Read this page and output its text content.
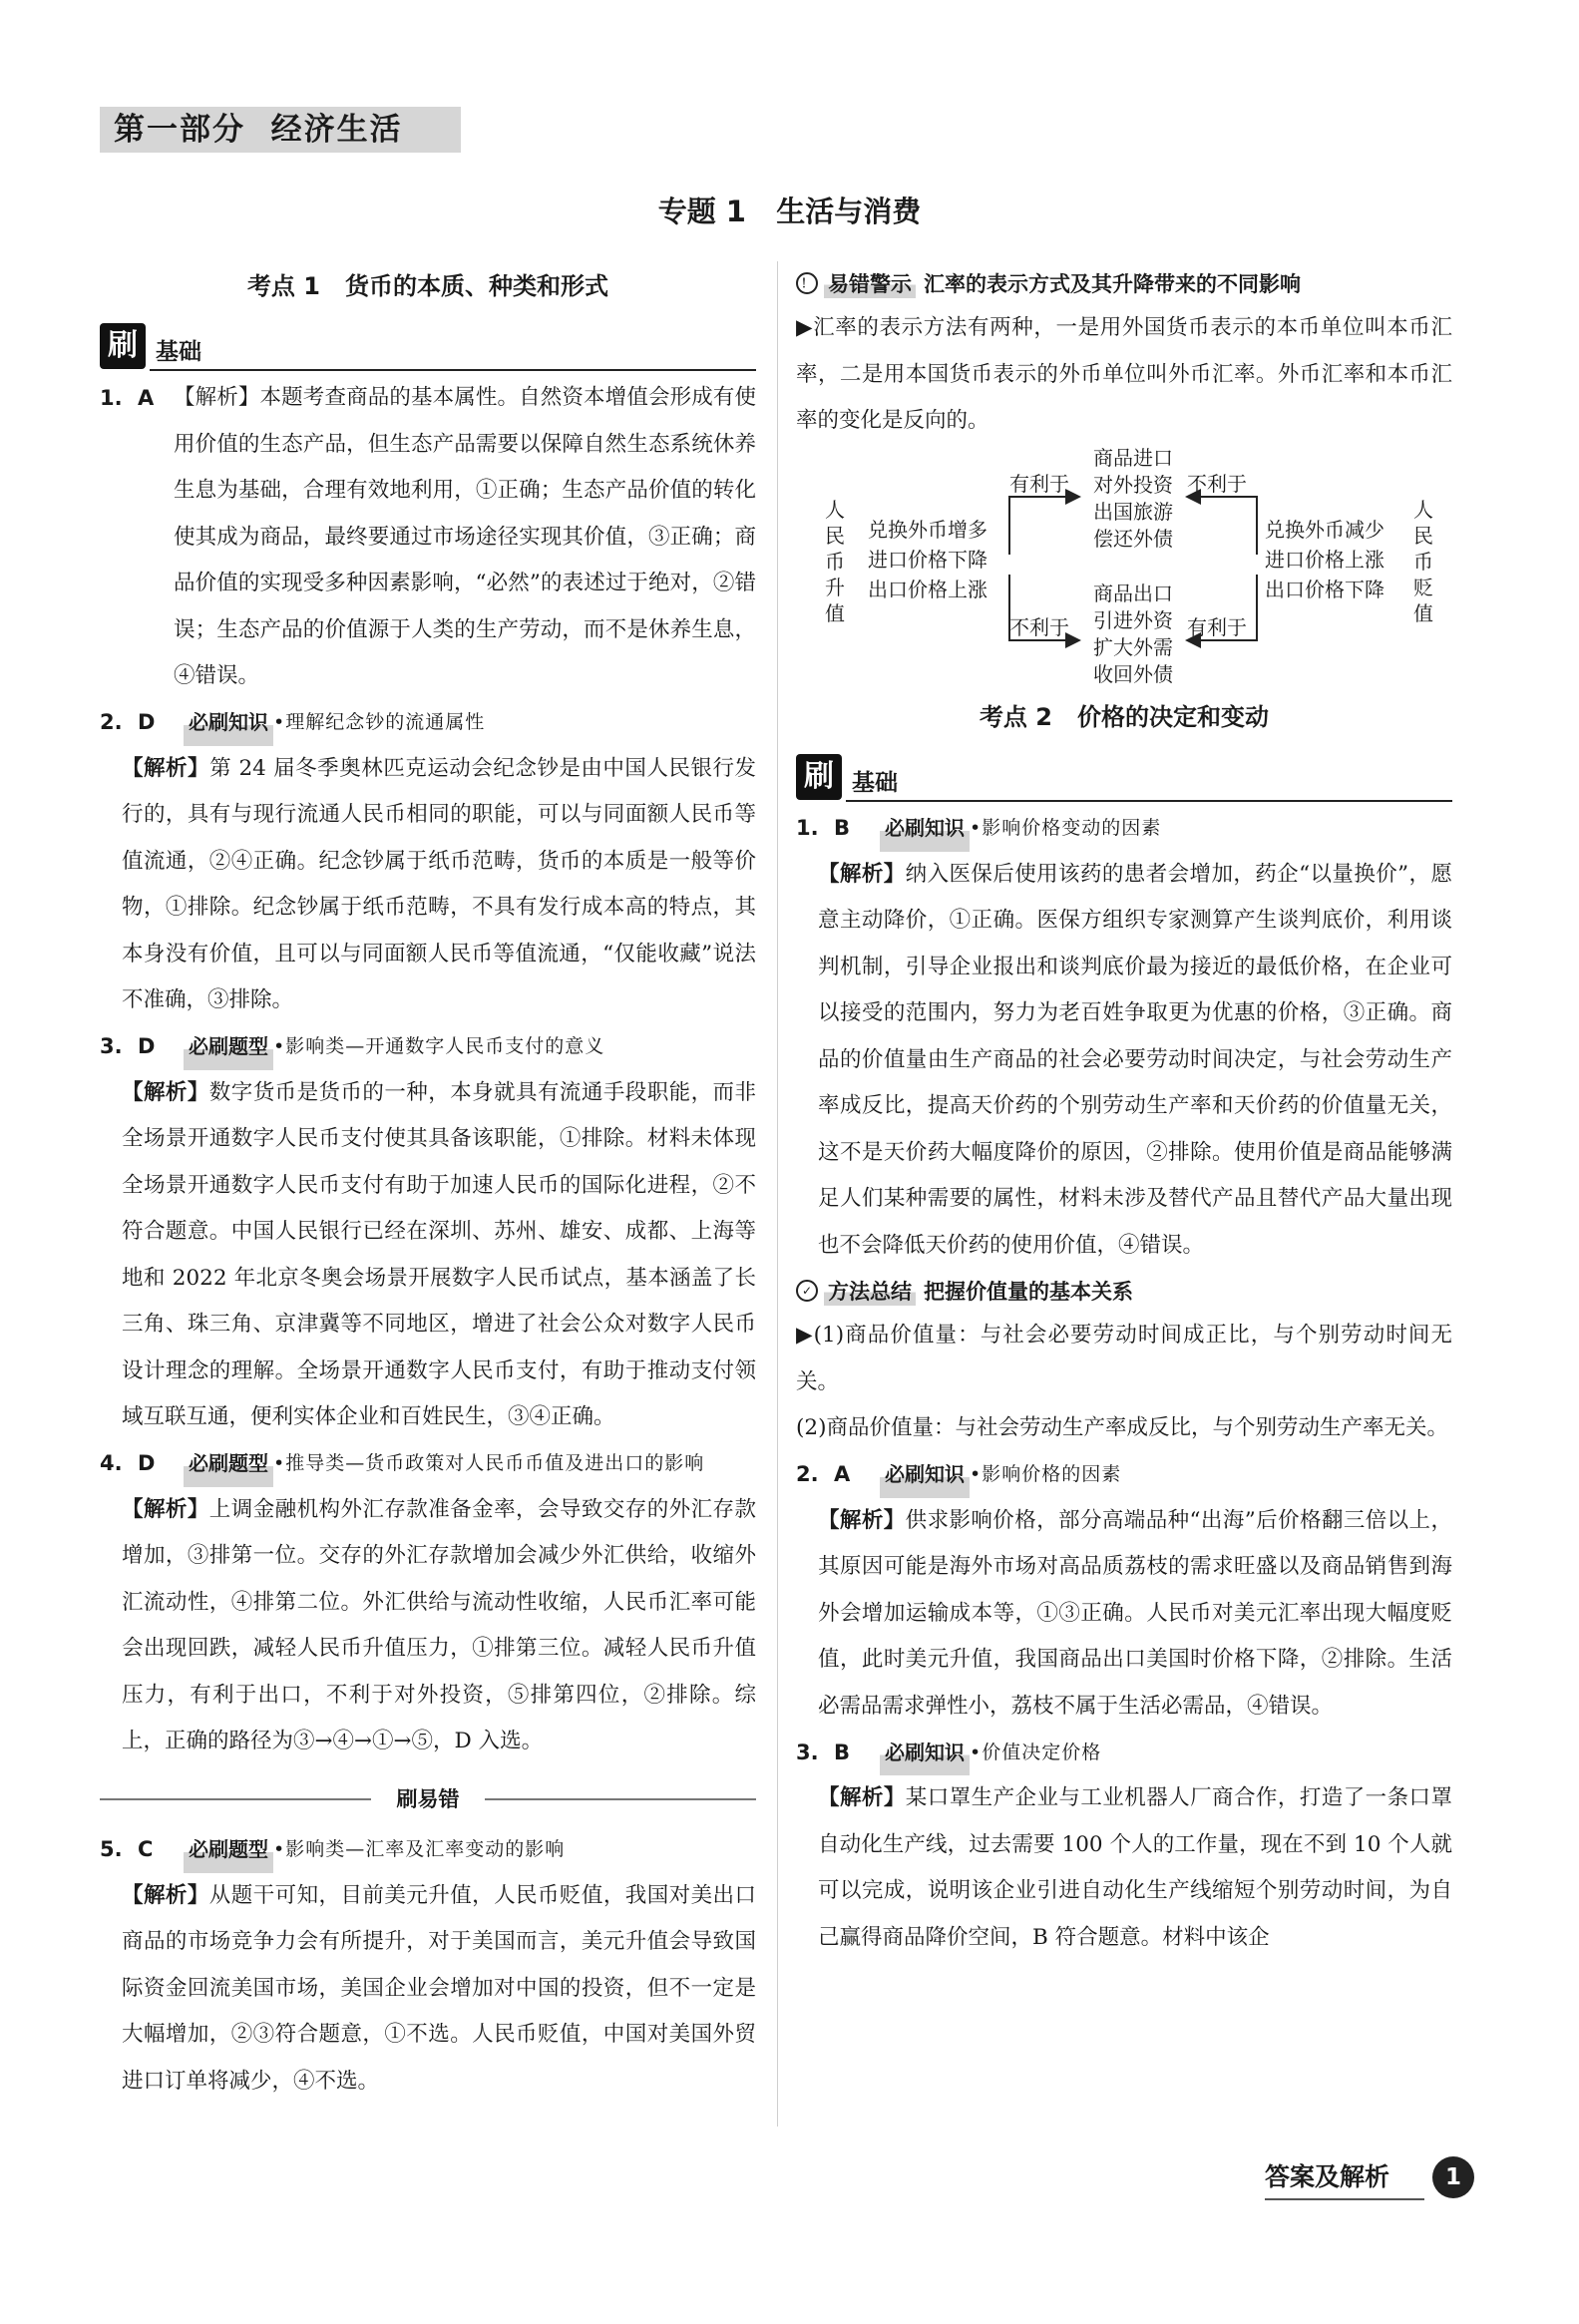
第一部分  经济生活
专题 1   生活与消费
考点 1   货币的本质、种类和形式
刷 基础
1. A 【解析】本题考查商品的基本属性。自然资本增值会形成有使用价值的生态产品，但生态产品需要以保障自然生态系统休养生息为基础，合理有效地利用，①正确；生态产品价值的转化使其成为商品，最终要通过市场途径实现其价值，③正确；商品价值的实现受多种因素影响，“必然”的表述过于绝对，②错误；生态产品的价值源于人类的生产劳动，而不是休养生息，④错误。
2. D	必刷知识 •理解纪念钞的流通属性

【解析】第 24 届冬季奥林匹克运动会纪念钞是由中国人民银行发行的，具有与现行流通人民币相同的职能，可以与同面额人民币等值流通，②④正确。纪念钞属于纸币范畴，货币的本质是一般等价物，①排除。纪念钞属于纸币范畴，不具有发行成本高的特点，其本身没有价值，且可以与同面额人民币等值流通，“仅能收藏”说法不准确，③排除。

3. D	必刷题型 •影响类—开通数字人民币支付的意义

【解析】数字货币是货币的一种，本身就具有流通手段职能，而非全场景开通数字人民币支付使其具备该职能，①排除。材料未体现全场景开通数字人民币支付有助于加速人民币的国际化进程，②不符合题意。中国人民银行已经在深圳、苏州、雄安、成都、上海等地和 2022 年北京冬奥会场景开展数字人民币试点，基本涵盖了长三角、珠三角、京津冀等不同地区，增进了社会公众对数字人民币设计理念的理解。全场景开通数字人民币支付，有助于推动支付领域互联互通，便利实体企业和百姓民生，③④正确。

4. D	必刷题型 •推导类—货币政策对人民币币值及进出口的影响

【解析】上调金融机构外汇存款准备金率，会导致交存的外汇存款增加，③排第一位。交存的外汇存款增加会减少外汇供给，收缩外汇流动性，④排第二位。外汇供给与流动性收缩，人民币汇率可能会出现回跌，减轻人民币升值压力，①排第三位。减轻人民币升值压力，有利于出口，不利于对外投资，⑤排第四位，②排除。综上，正确的路径为③→④→①→⑤，D 入选。

刷易错
5. C	必刷题型 •影响类—汇率及汇率变动的影响

【解析】从题干可知，目前美元升值，人民币贬值，我国对美出口商品的市场竞争力会有所提升，对于美国而言，美元升值会导致国际资金回流美国市场，美国企业会增加对中国的投资，但不一定是大幅增加，②③符合题意，①不选。人民币贬值，中国对美国外贸进口订单将减少，④不选。

！ 易错警示 汇率的表示方式及其升降带来的不同影响
▶汇率的表示方法有两种，一是用外国货币表示的本币单位叫本币汇率，二是用本国货币表示的外币单位叫外币汇率。外币汇率和本币汇率的变化是反向的。
人民币升值
兑换外币增多
进口价格下降
出口价格上涨
商品进口
对外投资
出国旅游
偿还外债
商品出口
引进外资
扩大外需
收回外债
兑换外币减少
进口价格上涨
出口价格下降
人民币贬值
有利于	不利于
不利于	有利于
考点 2   价格的决定和变动
刷 基础
1. B	必刷知识 •影响价格变动的因素

【解析】纳入医保后使用该药的患者会增加，药企“以量换价”，愿意主动降价，①正确。医保方组织专家测算产生谈判底价，利用谈判机制，引导企业报出和谈判底价最为接近的最低价格，在企业可以接受的范围内，努力为老百姓争取更为优惠的价格，③正确。商品的价值量由生产商品的社会必要劳动时间决定，与社会劳动生产率成反比，提高天价药的个别劳动生产率和天价药的价值量无关，这不是天价药大幅度降价的原因，②排除。使用价值是商品能够满足人们某种需要的属性，材料未涉及替代产品且替代产品大量出现也不会降低天价药的使用价值，④错误。

✓ 方法总结 把握价值量的基本关系
▶(1)商品价值量：与社会必要劳动时间成正比，与个别劳动时间无关。
(2)商品价值量：与社会劳动生产率成反比，与个别劳动生产率无关。
2. A	必刷知识 •影响价格的因素

【解析】供求影响价格，部分高端品种“出海”后价格翻三倍以上，其原因可能是海外市场对高品质荔枝的需求旺盛以及商品销售到海外会增加运输成本等，①③正确。人民币对美元汇率出现大幅度贬值，此时美元升值，我国商品出口美国时价格下降，②排除。生活必需品需求弹性小，荔枝不属于生活必需品，④错误。

3. B	必刷知识 •价值决定价格

【解析】某口罩生产企业与工业机器人厂商合作，打造了一条口罩自动化生产线，过去需要 100 个人的工作量，现在不到 10 个人就可以完成，说明该企业引进自动化生产线缩短个别劳动时间，为自己赢得商品降价空间，B 符合题意。材料中该企

答案及解析	1
